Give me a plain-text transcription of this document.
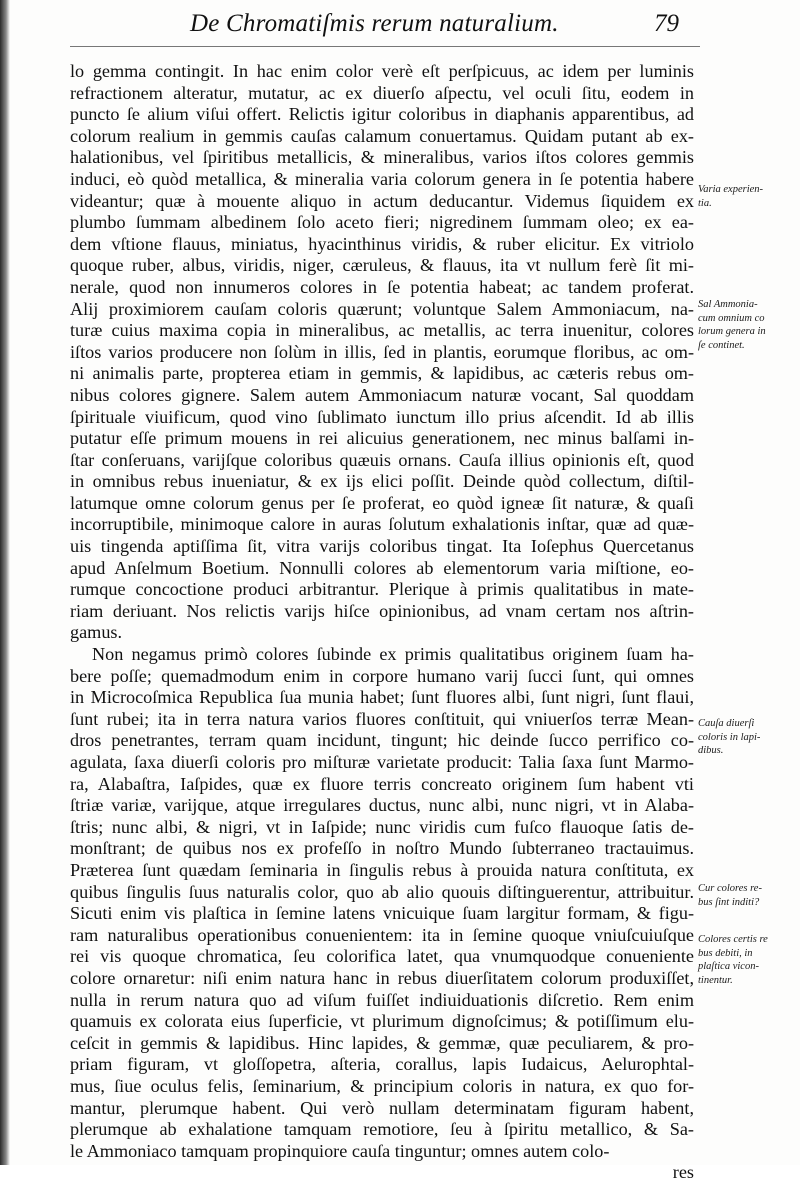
De Chromatiſmis rerum naturalium.	79
lo gemma contingit. In hac enim color verè eſt perſpicuus, ac idem per luminis
refractionem alteratur, mutatur, ac ex diuerſo aſpectu, vel oculi ſitu, eodem in
puncto ſe alium viſui offert. Relictis igitur coloribus in diaphanis apparentibus, ad
colorum realium in gemmis cauſas calamum conuertamus. Quidam putant ab ex-
halationibus, vel ſpiritibus metallicis, & mineralibus, varios iſtos colores gemmis
induci, eò quòd metallica, & mineralia varia colorum genera in ſe potentia habere
videantur; quæ à mouente aliquo in actum deducantur. Videmus ſiquidem ex
plumbo ſummam albedinem ſolo aceto fieri; nigredinem ſummam oleo; ex ea-
dem vſtione flauus, miniatus, hyacinthinus viridis, & ruber elicitur. Ex vitriolo
quoque ruber, albus, viridis, niger, cæruleus, & flauus, ita vt nullum ferè ſit mi-
nerale, quod non innumeros colores in ſe potentia habeat; ac tandem proferat.
Alij proximiorem cauſam coloris quærunt; voluntque Salem Ammoniacum, na-
turæ cuius maxima copia in mineralibus, ac metallis, ac terra inuenitur, colores
iſtos varios producere non ſolùm in illis, ſed in plantis, eorumque floribus, ac om-
ni animalis parte, propterea etiam in gemmis, & lapidibus, ac cæteris rebus om-
nibus colores gignere. Salem autem Ammoniacum naturæ vocant, Sal quoddam
ſpirituale viuificum, quod vino ſublimato iunctum illo prius aſcendit. Id ab illis
putatur eſſe primum mouens in rei alicuius generationem, nec minus balſami in-
ſtar conſeruans, varijſque coloribus quæuis ornans. Cauſa illius opinionis eſt, quod
in omnibus rebus inueniatur, & ex ijs elici poſſit. Deinde quòd collectum, diſtil-
latumque omne colorum genus per ſe proferat, eo quòd igneæ ſit naturæ, & quaſi
incorruptibile, minimoque calore in auras ſolutum exhalationis inſtar, quæ ad quæ-
uis tingenda aptiſſima ſit, vitra varijs coloribus tingat. Ita Ioſephus Quercetanus
apud Anſelmum Boetium. Nonnulli colores ab elementorum varia miſtione, eo-
rumque concoctione produci arbitrantur. Plerique à primis qualitatibus in mate-
riam deriuant. Nos relictis varijs hiſce opinionibus, ad vnam certam nos aſtrin-
gamus.
Non negamus primò colores ſubinde ex primis qualitatibus originem ſuam ha-
bere poſſe; quemadmodum enim in corpore humano varij ſucci ſunt, qui omnes
in Microcoſmica Republica ſua munia habet; ſunt fluores albi, ſunt nigri, ſunt flaui,
ſunt rubei; ita in terra natura varios fluores conſtituit, qui vniuerſos terræ Mean-
dros penetrantes, terram quam incidunt, tingunt; hic deinde ſucco perrifico co-
agulata, ſaxa diuerſi coloris pro miſturæ varietate producit: Talia ſaxa ſunt Marmo-
ra, Alabaſtra, Iaſpides, quæ ex fluore terris concreato originem ſum habent vti
ſtriæ variæ, varijque, atque irregulares ductus, nunc albi, nunc nigri, vt in Alaba-
ſtris; nunc albi, & nigri, vt in Iaſpide; nunc viridis cum fuſco flauoque ſatis de-
monſtrant; de quibus nos ex profeſſo in noſtro Mundo ſubterraneo tractauimus.
Præterea ſunt quædam ſeminaria in ſingulis rebus à prouida natura conſtituta, ex
quibus ſingulis ſuus naturalis color, quo ab alio quouis diſtinguerentur, attribuitur.
Sicuti enim vis plaſtica in ſemine latens vnicuique ſuam largitur formam, & figu-
ram naturalibus operationibus conuenientem: ita in ſemine quoque vniuſcuiuſque
rei vis quoque chromatica, ſeu colorifica latet, qua vnumquodque conueniente
colore ornaretur: niſi enim natura hanc in rebus diuerſitatem colorum produxiſſet,
nulla in rerum natura quo ad viſum fuiſſet indiuiduationis diſcretio. Rem enim
quamuis ex colorata eius ſuperficie, vt plurimum dignoſcimus; & potiſſimum elu-
ceſcit in gemmis & lapidibus. Hinc lapides, & gemmæ, quæ peculiarem, & pro-
priam figuram, vt gloſſopetra, aſteria, corallus, lapis Iudaicus, Aelurophtal-
mus, ſiue oculus felis, ſeminarium, & principium coloris in natura, ex quo for-
mantur, plerumque habent. Qui verò nullam determinatam figuram habent,
plerumque ab exhalatione tamquam remotiore, ſeu à ſpiritu metallico, & Sa-
le Ammoniaco tamquam propinquiore cauſa tinguntur; omnes autem colo-
res
Varia experien-
tia.
Sal Ammonia-
cum omnium co
lorum genera in
ſe continet.
Cauſa diuerſi
coloris in lapi-
dibus.
Cur colores re-
bus ſint inditi?
Colores certis re
bus debiti, in
plaſtica vicon-
tinentur.
